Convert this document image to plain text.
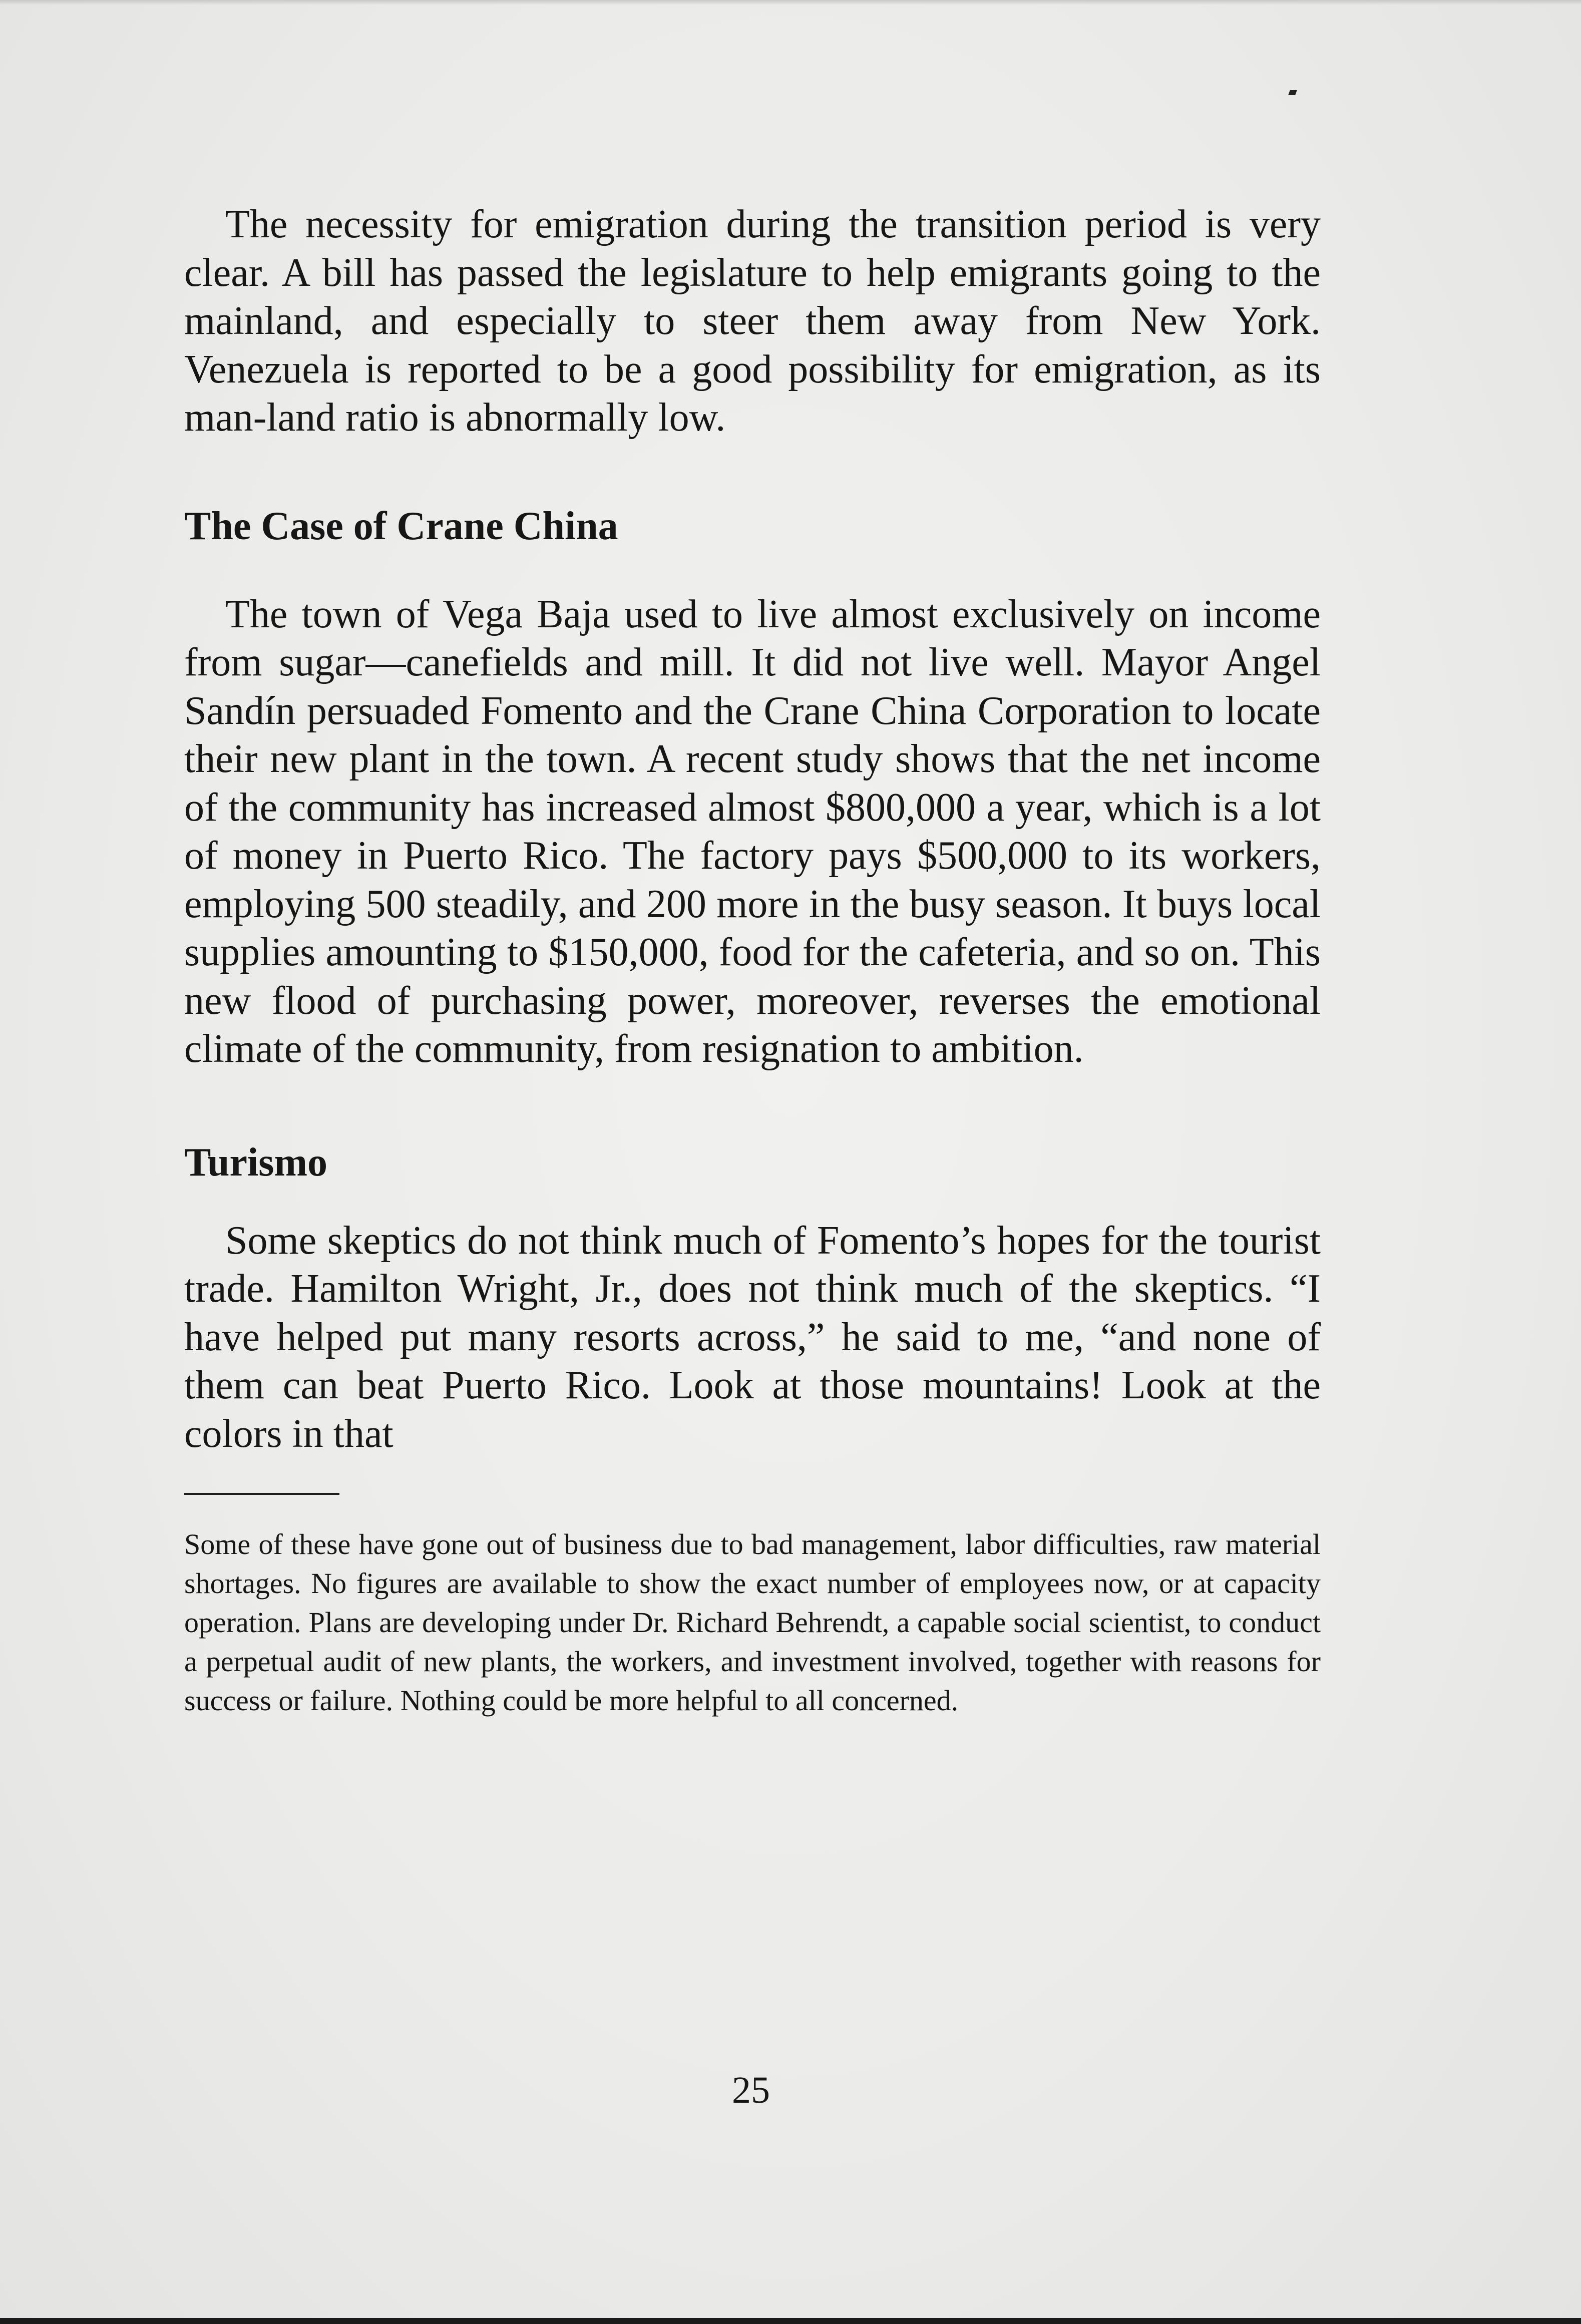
The necessity for emigration during the transition period is very clear. A bill has passed the legislature to help emigrants going to the mainland, and especially to steer them away from New York. Venezuela is reported to be a good possibility for emigration, as its man-land ratio is abnormally low.

The Case of Crane China

The town of Vega Baja used to live almost exclusively on income from sugar—canefields and mill. It did not live well. Mayor Angel Sandín persuaded Fomento and the Crane China Corporation to locate their new plant in the town. A recent study shows that the net income of the community has increased almost $800,000 a year, which is a lot of money in Puerto Rico. The factory pays $500,000 to its workers, employing 500 steadily, and 200 more in the busy season. It buys local supplies amounting to $150,000, food for the cafeteria, and so on. This new flood of purchasing power, moreover, reverses the emotional climate of the community, from resignation to ambition.

Turismo

Some skeptics do not think much of Fomento’s hopes for the tourist trade. Hamilton Wright, Jr., does not think much of the skeptics. “I have helped put many resorts across,” he said to me, “and none of them can beat Puerto Rico. Look at those mountains! Look at the colors in that

Some of these have gone out of business due to bad management, labor difficulties, raw material shortages. No figures are available to show the exact number of employees now, or at capacity operation. Plans are developing under Dr. Richard Behrendt, a capable social scientist, to conduct a perpetual audit of new plants, the workers, and investment involved, together with reasons for success or failure. Nothing could be more helpful to all concerned.

25
